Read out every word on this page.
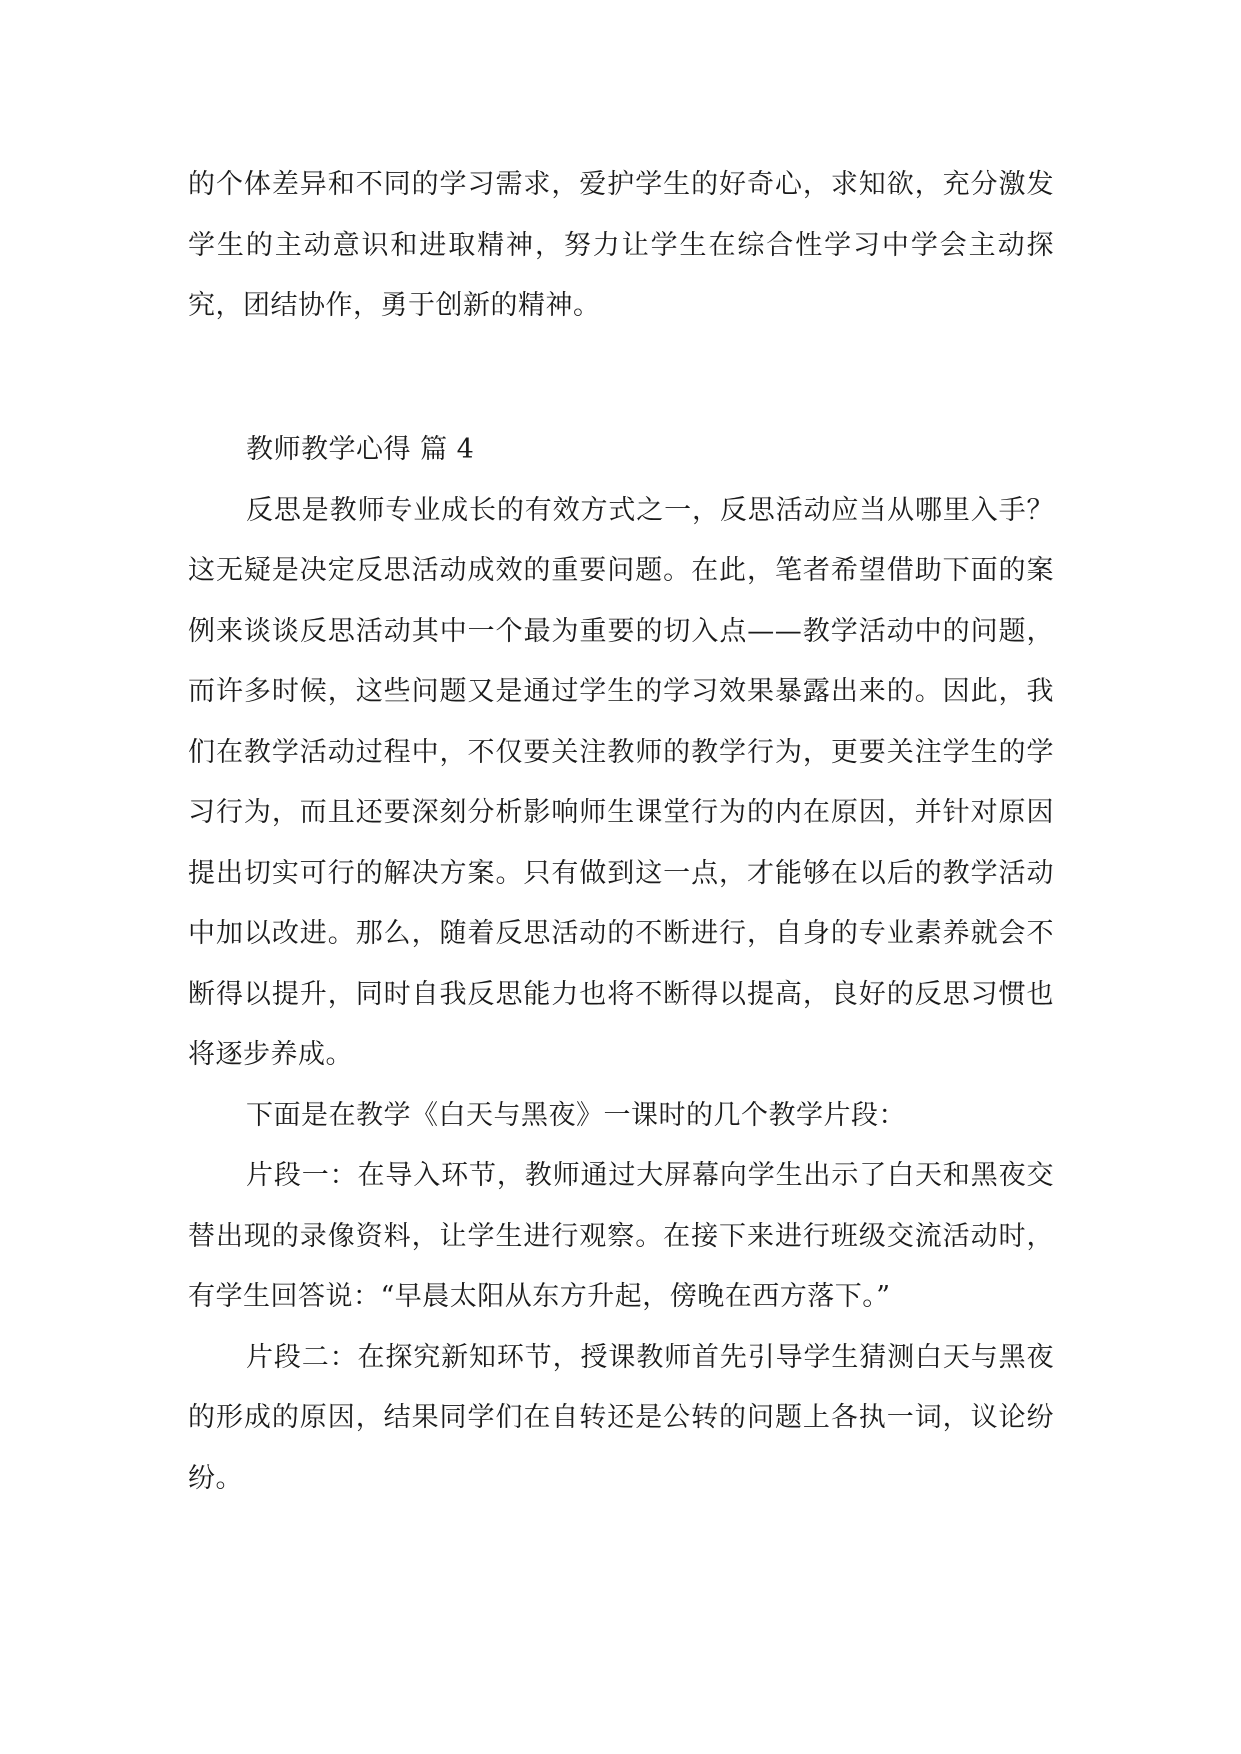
的个体差异和不同的学习需求，爱护学生的好奇心，求知欲，充分激发学生的主动意识和进取精神，努力让学生在综合性学习中学会主动探究，团结协作，勇于创新的精神。

教师教学心得 篇 4

反思是教师专业成长的有效方式之一，反思活动应当从哪里入手？这无疑是决定反思活动成效的重要问题。在此，笔者希望借助下面的案例来谈谈反思活动其中一个最为重要的切入点——教学活动中的问题，而许多时候，这些问题又是通过学生的学习效果暴露出来的。因此，我们在教学活动过程中，不仅要关注教师的教学行为，更要关注学生的学习行为，而且还要深刻分析影响师生课堂行为的内在原因，并针对原因提出切实可行的解决方案。只有做到这一点，才能够在以后的教学活动中加以改进。那么，随着反思活动的不断进行，自身的专业素养就会不断得以提升，同时自我反思能力也将不断得以提高，良好的反思习惯也将逐步养成。

下面是在教学《白天与黑夜》一课时的几个教学片段：

片段一：在导入环节，教师通过大屏幕向学生出示了白天和黑夜交替出现的录像资料，让学生进行观察。在接下来进行班级交流活动时，有学生回答说：“早晨太阳从东方升起，傍晚在西方落下。”

片段二：在探究新知环节，授课教师首先引导学生猜测白天与黑夜的形成的原因，结果同学们在自转还是公转的问题上各执一词，议论纷纷。
